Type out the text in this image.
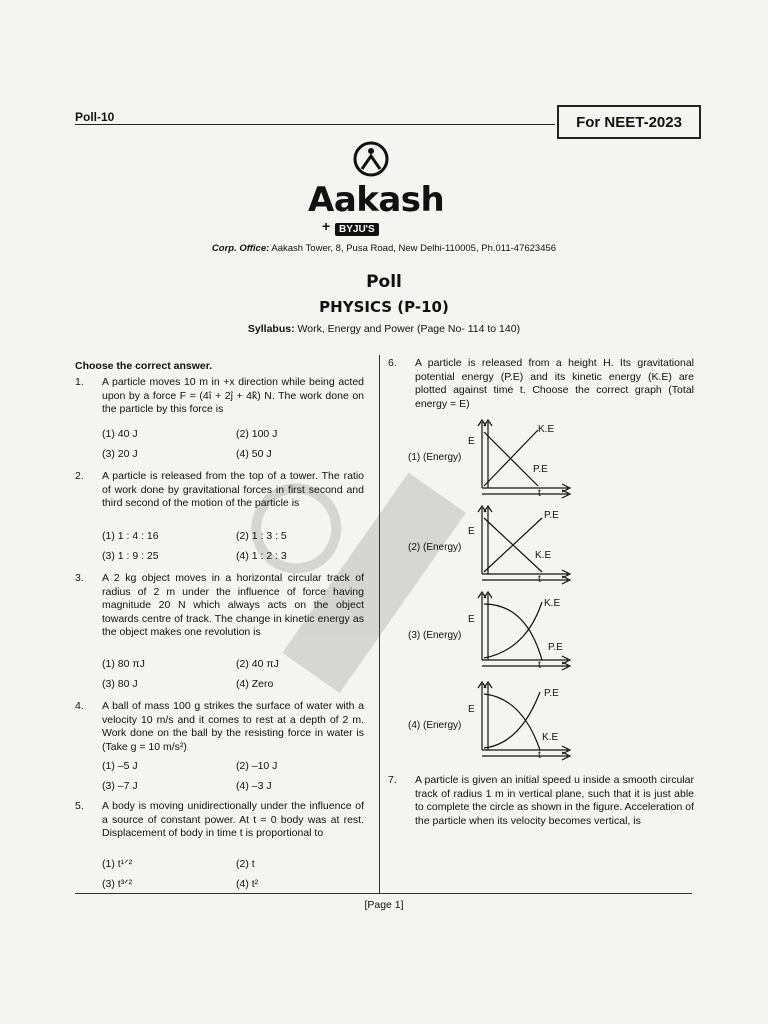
Poll-10	For NEET-2023
Aakash
+ BYJU'S
Corp. Office: Aakash Tower, 8, Pusa Road, New Delhi-110005, Ph.011-47623456
Poll
PHYSICS (P-10)
Syllabus: Work, Energy and Power (Page No- 114 to 140)
Choose the correct answer.
1. A particle moves 10 m in +x direction while being acted upon by a force F = (4î + 2ĵ + 4k̂) N. The work done on the particle by this force is
(1) 40 J	(2) 100 J
(3) 20 J	(4) 50 J
2. A particle is released from the top of a tower. The ratio of work done by gravitational forces in first second and third second of the motion of the particle is
(1) 1 : 4 : 16	(2) 1 : 3 : 5
(3) 1 : 9 : 25	(4) 1 : 2 : 3
3. A 2 kg object moves in a horizontal circular track of radius of 2 m under the influence of force having magnitude 20 N which always acts on the object towards centre of track. The change in kinetic energy as the object makes one revolution is
(1) 80 πJ	(2) 40 πJ
(3) 80 J	(4) Zero
4. A ball of mass 100 g strikes the surface of water with a velocity 10 m/s and it comes to rest at a depth of 2 m. Work done on the ball by the resisting force in water is (Take g = 10 m/s²)
(1) –5 J	(2) –10 J
(3) –7 J	(4) –3 J
5. A body is moving unidirectionally under the influence of a source of constant power. At t = 0 body was at rest. Displacement of body in time t is proportional to
(1) t¹ᐟ²	(2) t
(3) t³ᐟ²	(4) t²
6. A particle is released from a height H. Its gravitational potential energy (P.E) and its kinetic energy (K.E) are plotted against time t. Choose the correct graph (Total energy = E)
(1) (Energy)
E
t
K.E
P.E
(2) (Energy)
E
t
P.E
K.E
(3) (Energy)
E
t
K.E
P.E
(4) (Energy)
E
t
P.E
K.E
7. A particle is given an initial speed u inside a smooth circular track of radius 1 m in vertical plane, such that it is just able to complete the circle as shown in the figure. Acceleration of the particle when its velocity becomes vertical, is
[Page 1]
